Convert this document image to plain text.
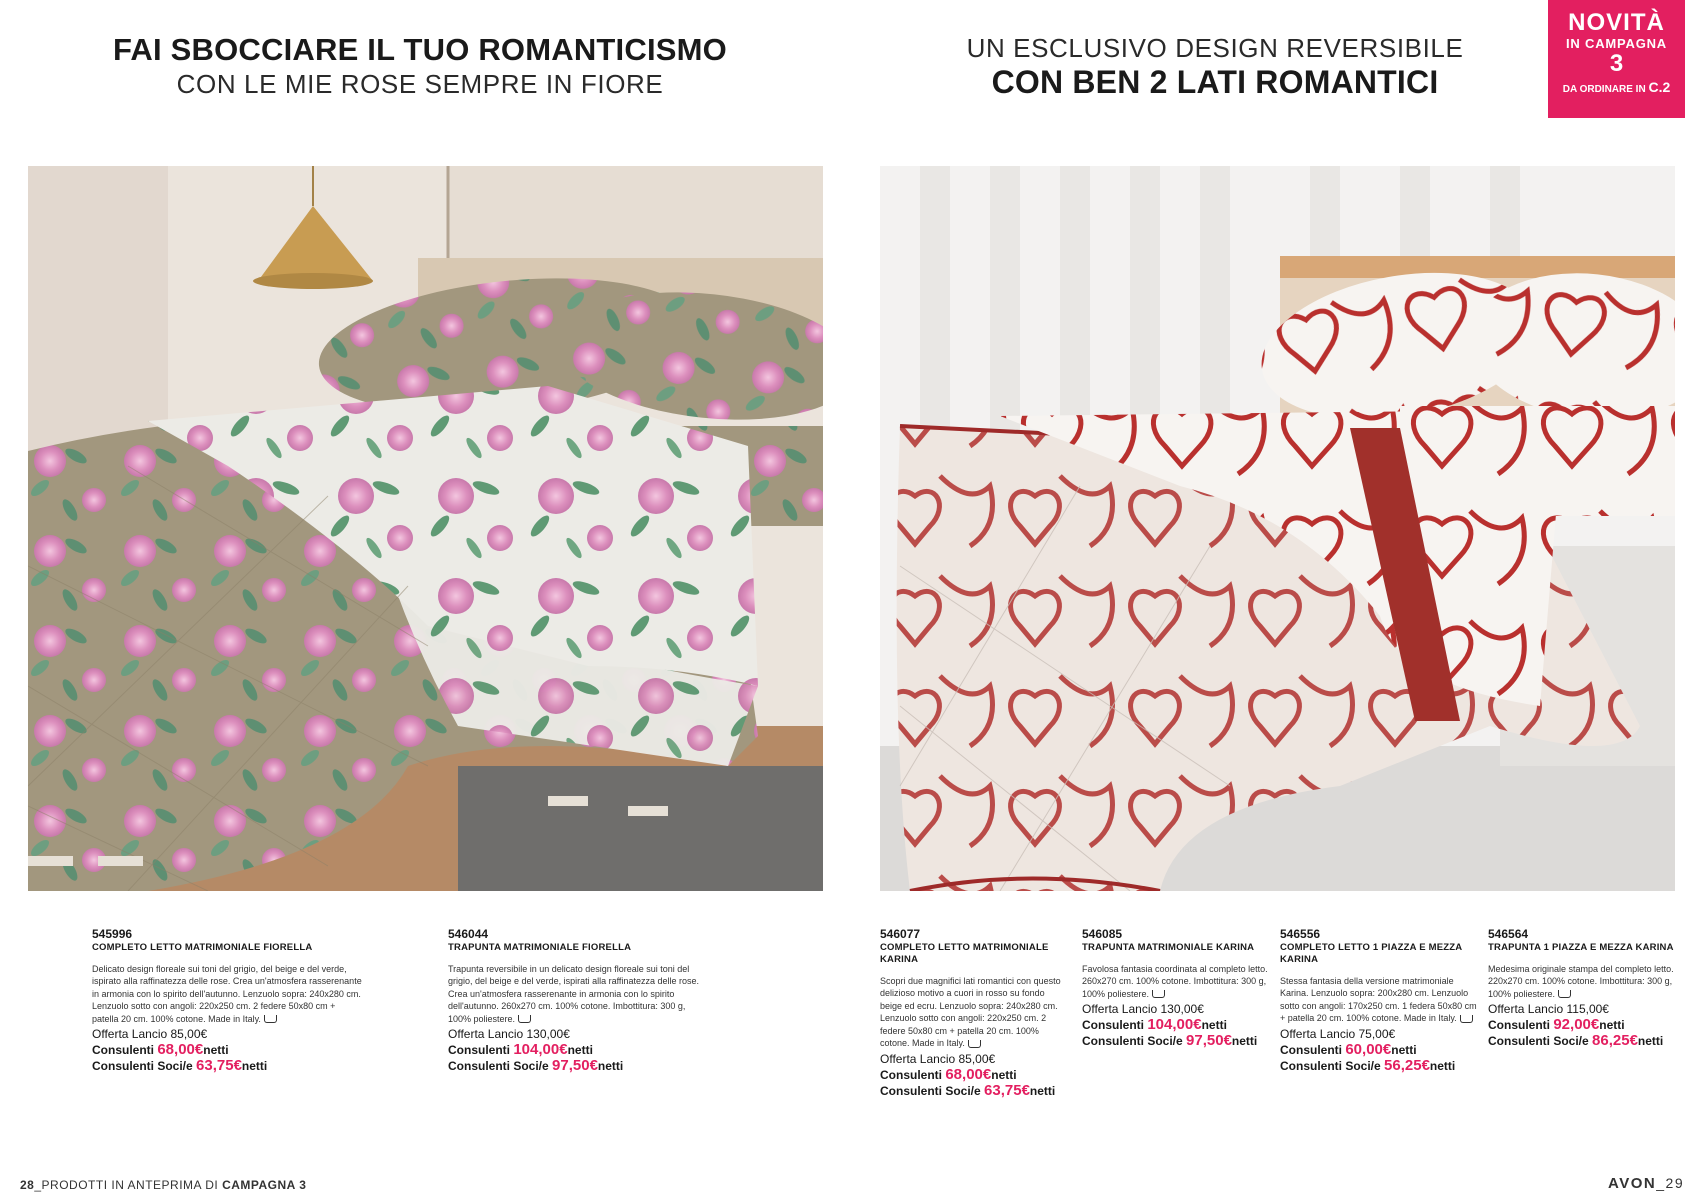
FAI SBOCCIARE IL TUO ROMANTICISMO
CON LE MIE ROSE SEMPRE IN FIORE
UN ESCLUSIVO DESIGN REVERSIBILE
CON BEN 2 LATI ROMANTICI
NOVITÀ
IN CAMPAGNA
3
DA ORDINARE IN C.2
545996
COMPLETO LETTO MATRIMONIALE FIORELLA
Delicato design floreale sui toni del grigio, del beige e del verde, ispirato alla raffinatezza delle rose. Crea un'atmosfera rasserenante in armonia con lo spirito dell'autunno. Lenzuolo sopra: 240x280 cm. Lenzuolo sotto con angoli: 220x250 cm. 2 federe 50x80 cm + patella 20 cm. 100% cotone. Made in Italy.
Offerta Lancio 85,00€
Consulenti 68,00€netti
Consulenti Soci/e 63,75€netti
546044
TRAPUNTA MATRIMONIALE FIORELLA
Trapunta reversibile in un delicato design floreale sui toni del grigio, del beige e del verde, ispirati alla raffinatezza delle rose. Crea un'atmosfera rasserenante in armonia con lo spirito dell'autunno. 260x270 cm. 100% cotone. Imbottitura: 300 g, 100% poliestere.
Offerta Lancio 130,00€
Consulenti 104,00€netti
Consulenti Soci/e 97,50€netti
546077
COMPLETO LETTO MATRIMONIALE KARINA
Scopri due magnifici lati romantici con questo delizioso motivo a cuori in rosso su fondo beige ed ecru. Lenzuolo sopra: 240x280 cm. Lenzuolo sotto con angoli: 220x250 cm. 2 federe 50x80 cm + patella 20 cm. 100% cotone. Made in Italy.
Offerta Lancio 85,00€
Consulenti 68,00€netti
Consulenti Soci/e 63,75€netti
546085
TRAPUNTA MATRIMONIALE KARINA
Favolosa fantasia coordinata al completo letto. 260x270 cm. 100% cotone. Imbottitura: 300 g, 100% poliestere.
Offerta Lancio 130,00€
Consulenti 104,00€netti
Consulenti Soci/e 97,50€netti
546556
COMPLETO LETTO 1 PIAZZA E MEZZA KARINA
Stessa fantasia della versione matrimoniale Karina. Lenzuolo sopra: 200x280 cm. Lenzuolo sotto con angoli: 170x250 cm. 1 federa 50x80 cm + patella 20 cm. 100% cotone. Made in Italy.
Offerta Lancio 75,00€
Consulenti 60,00€netti
Consulenti Soci/e 56,25€netti
546564
TRAPUNTA 1 PIAZZA E MEZZA KARINA
Medesima originale stampa del completo letto. 220x270 cm. 100% cotone. Imbottitura: 300 g, 100% poliestere.
Offerta Lancio 115,00€
Consulenti 92,00€netti
Consulenti Soci/e 86,25€netti
28_PRODOTTI IN ANTEPRIMA DI CAMPAGNA 3	AVON_29
